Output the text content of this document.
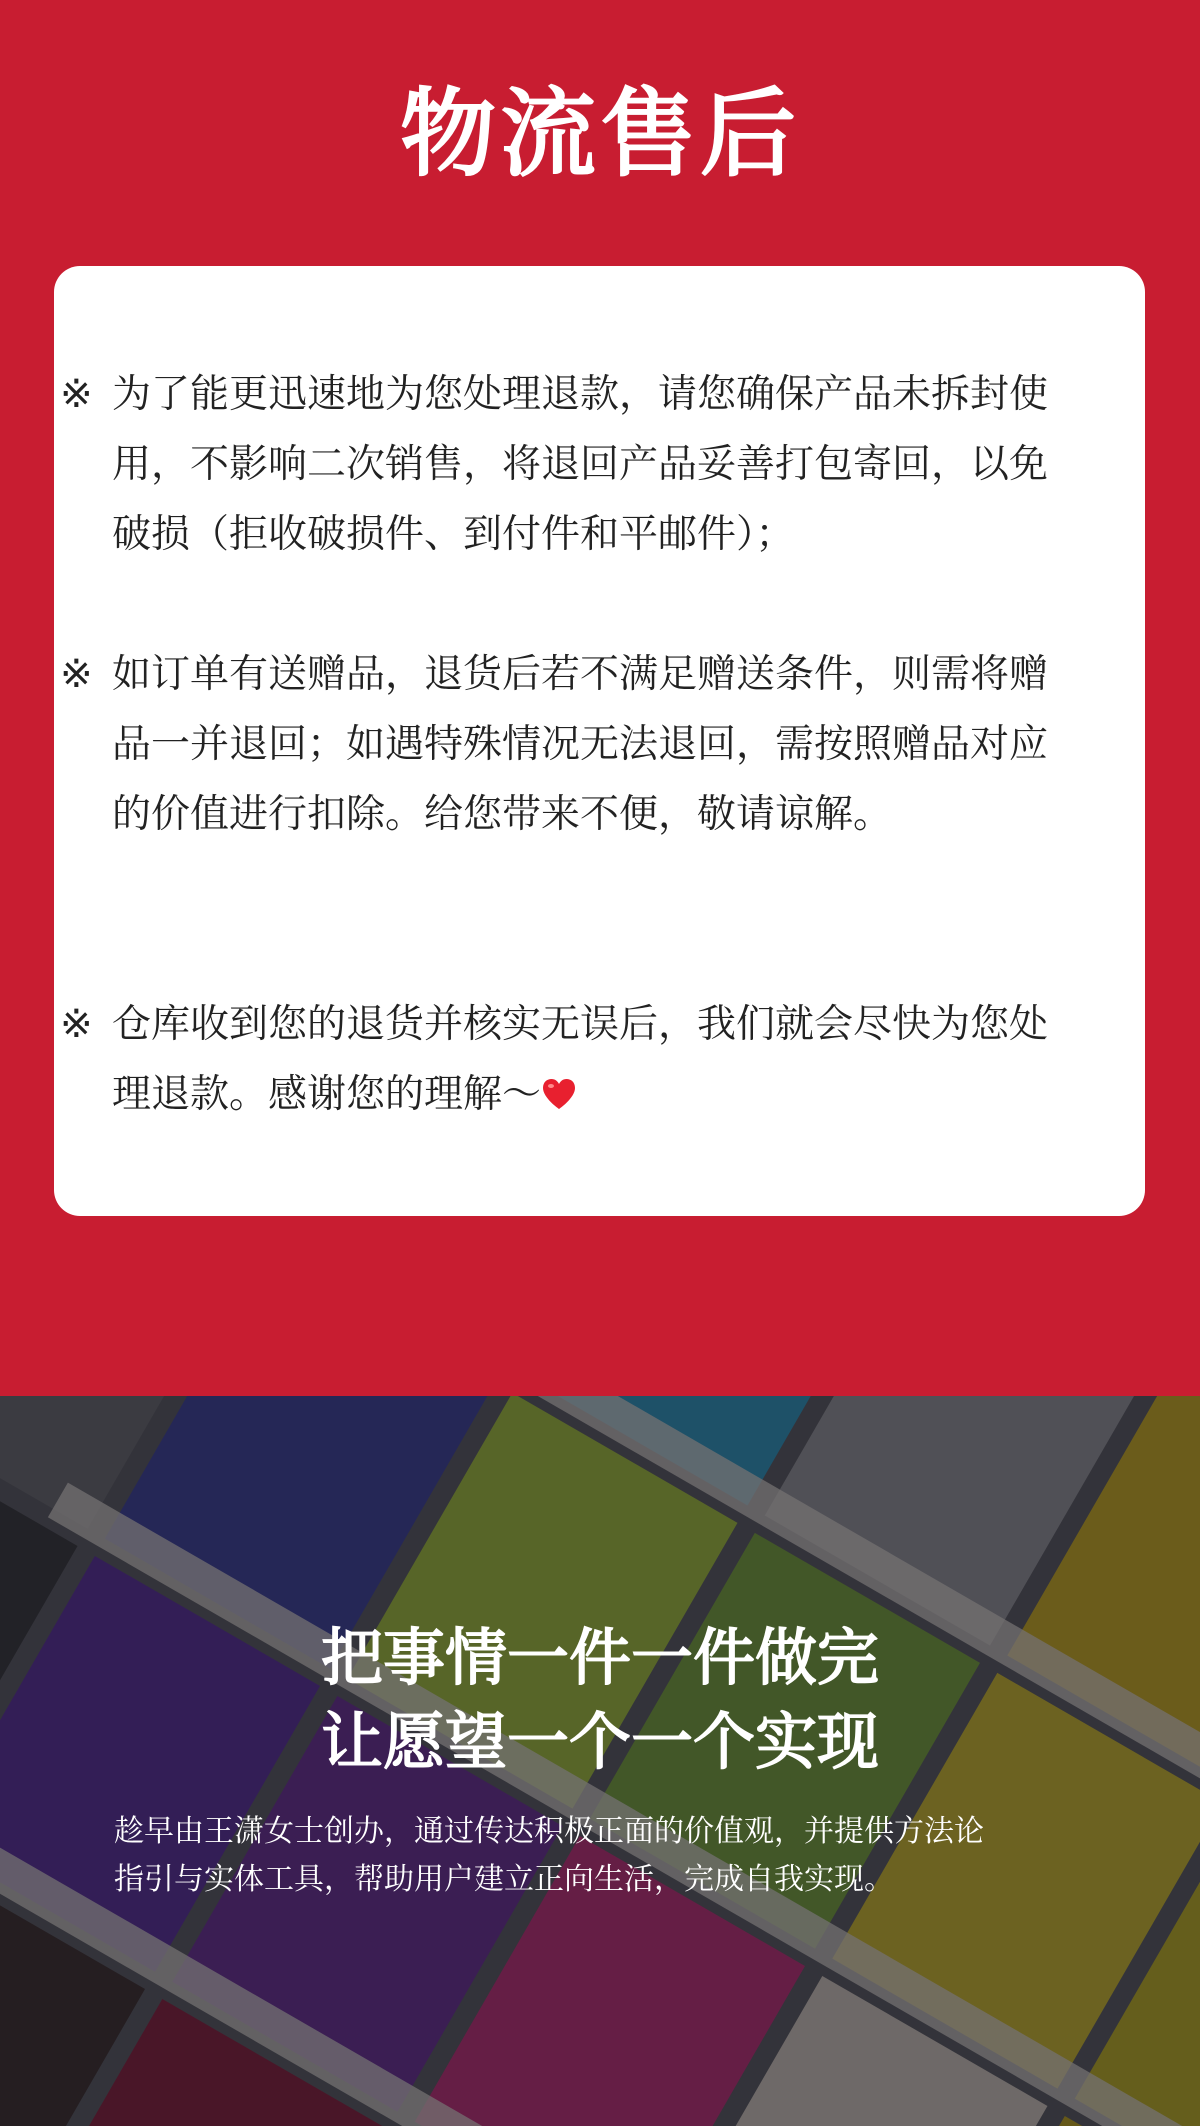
物流售后
※ 为了能更迅速地为您处理退款，请您确保产品未拆封使用，不影响二次销售，将退回产品妥善打包寄回，以免破损（拒收破损件、到付件和平邮件）；
※ 如订单有送赠品，退货后若不满足赠送条件，则需将赠品一并退回；如遇特殊情况无法退回，需按照赠品对应的价值进行扣除。给您带来不便，敬请谅解。
※ 仓库收到您的退货并核实无误后，我们就会尽快为您处理退款。感谢您的理解～
把事情一件一件做完
让愿望一个一个实现
趁早由王潇女士创办，通过传达积极正面的价值观，并提供方法论
指引与实体工具，帮助用户建立正向生活，完成自我实现。
